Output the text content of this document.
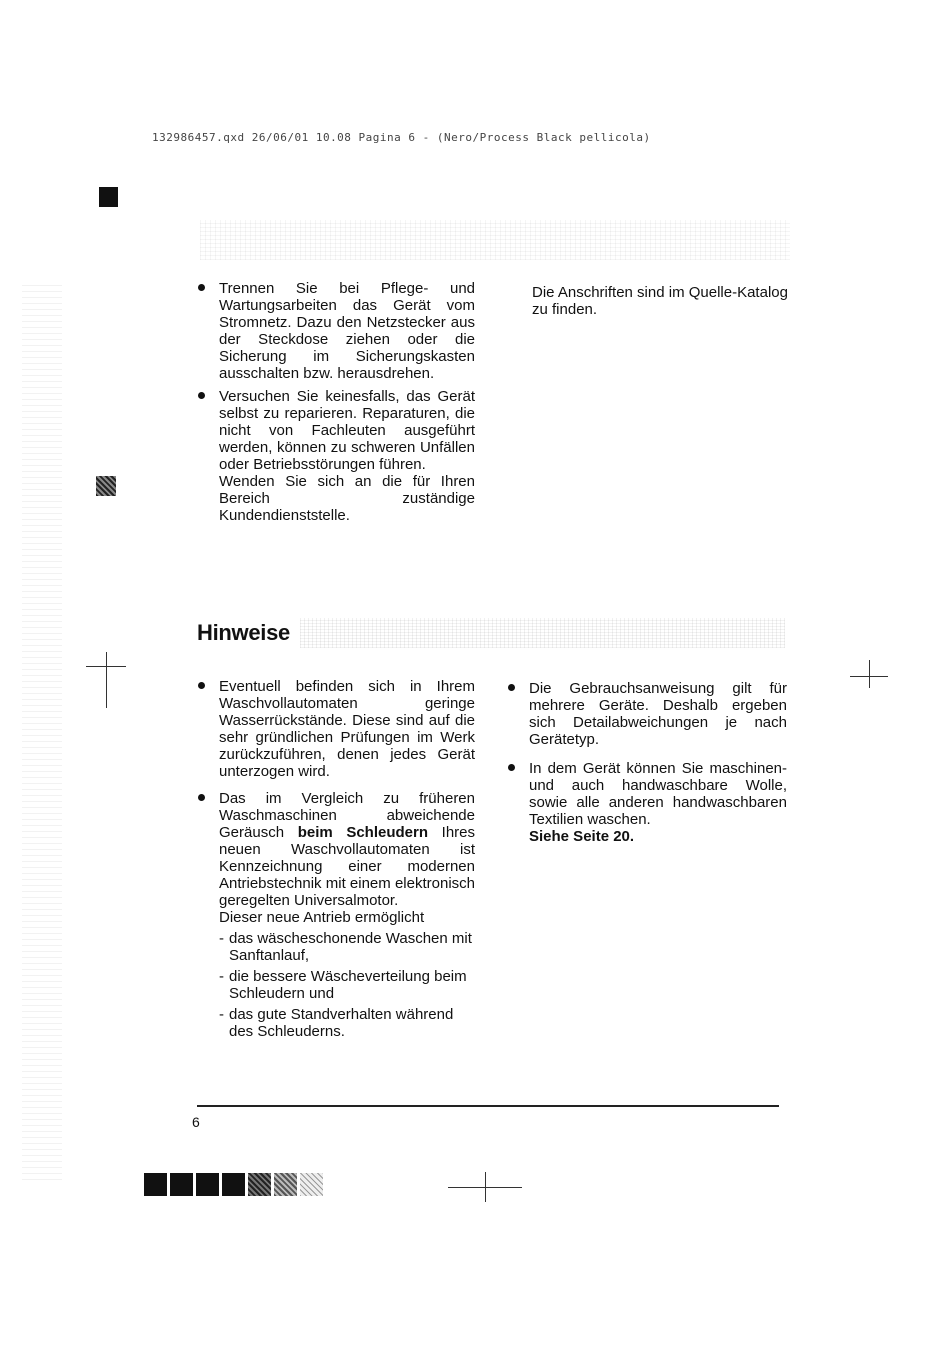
132986457.qxd 26/06/01 10.08 Pagina 6 - (Nero/Process Black pellicola)

Trennen Sie bei Pflege- und Wartungsarbeiten das Gerät vom Stromnetz. Dazu den Netzstecker aus der Steckdose ziehen oder die Sicherung im Sicherungskasten ausschalten bzw. herausdrehen.

Versuchen Sie keinesfalls, das Gerät selbst zu reparieren. Reparaturen, die nicht von Fachleuten ausgeführt werden, können zu schweren Unfällen oder Betriebsstörungen führen.

Wenden Sie sich an die für Ihren Bereich zuständige Kundendienststelle.

Die Anschriften sind im Quelle-Katalog zu finden.

Hinweise

Eventuell befinden sich in Ihrem Waschvollautomaten geringe Wasserrückstände. Diese sind auf die sehr gründlichen Prüfungen im Werk zurückzuführen, denen jedes Gerät unterzogen wird.

Das im Vergleich zu früheren Waschmaschinen abweichende Geräusch beim Schleudern Ihres neuen Waschvollautomaten ist Kennzeichnung einer modernen Antriebstechnik mit einem elektronisch geregelten Universalmotor.

Dieser neue Antrieb ermöglicht

- das wäscheschonende Waschen mit Sanftanlauf,
- die bessere Wäscheverteilung beim Schleudern und
- das gute Standverhalten während des Schleuderns.

Die Gebrauchsanweisung gilt für mehrere Geräte. Deshalb ergeben sich Detailabweichungen je nach Gerätetyp.

In dem Gerät können Sie maschinen- und auch handwaschbare Wolle, sowie alle anderen handwaschbaren Textilien waschen.

Siehe Seite 20.

6
